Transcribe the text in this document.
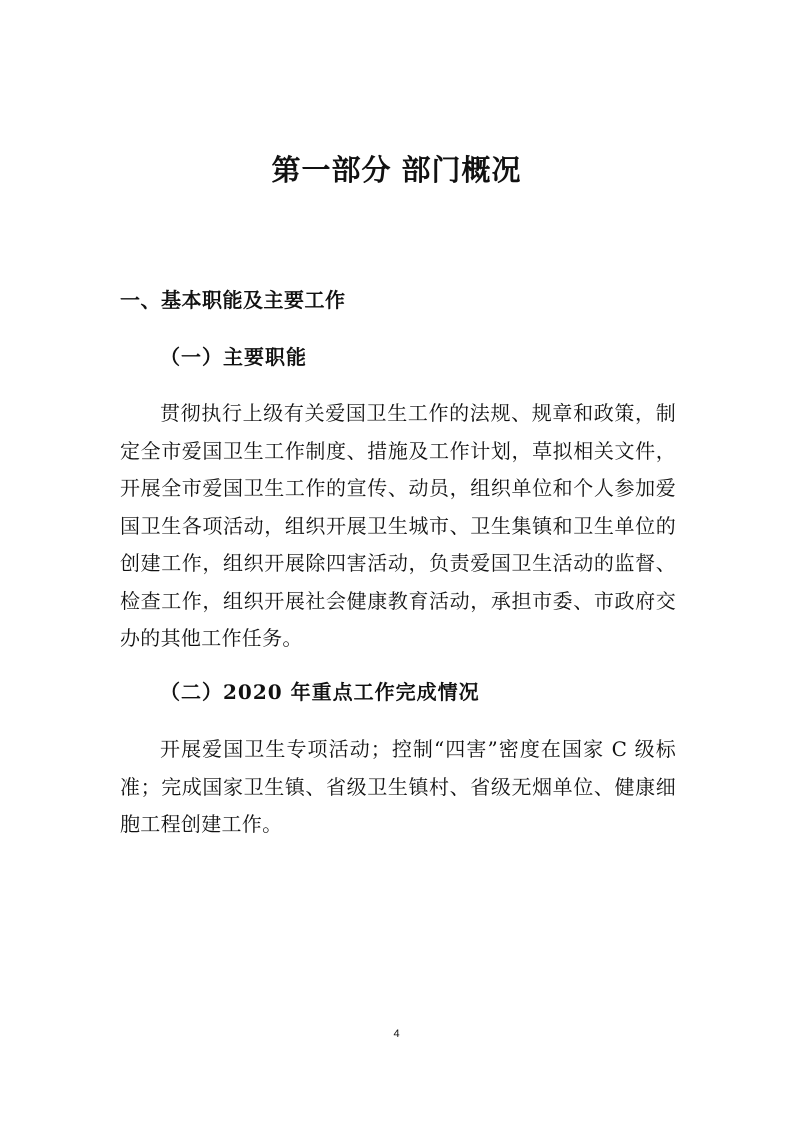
第一部分 部门概况
一、基本职能及主要工作
（一）主要职能

贯彻执行上级有关爱国卫生工作的法规、规章和政策，制定全市爱国卫生工作制度、措施及工作计划，草拟相关文件，开展全市爱国卫生工作的宣传、动员，组织单位和个人参加爱国卫生各项活动，组织开展卫生城市、卫生集镇和卫生单位的创建工作，组织开展除四害活动，负责爱国卫生活动的监督、检查工作，组织开展社会健康教育活动，承担市委、市政府交办的其他工作任务。

（二）2020 年重点工作完成情况

开展爱国卫生专项活动；控制“四害”密度在国家 C 级标准；完成国家卫生镇、省级卫生镇村、省级无烟单位、健康细胞工程创建工作。

4
